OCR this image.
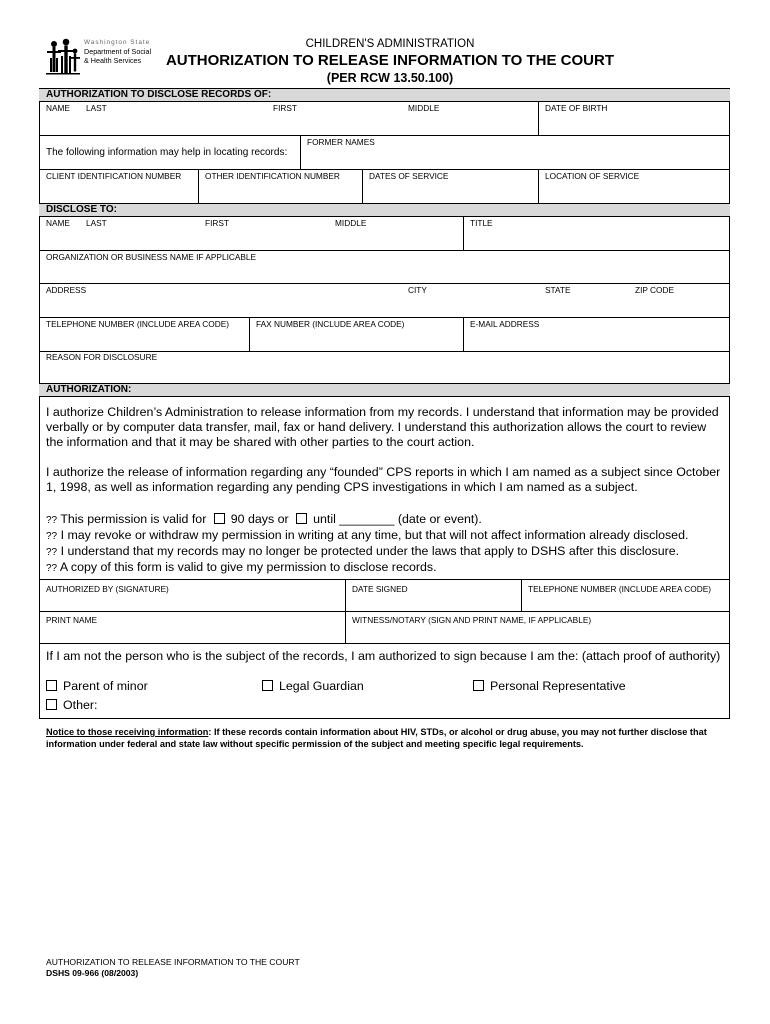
Washington State
Department of Social
& Health Services
CHILDREN'S ADMINISTRATION
AUTHORIZATION TO RELEASE INFORMATION TO THE COURT
(PER RCW 13.50.100)
AUTHORIZATION TO DISCLOSE RECORDS OF:
NAME LAST	FIRST	MIDDLE	DATE OF BIRTH
The following information may help in locating records:
FORMER NAMES
CLIENT IDENTIFICATION NUMBER	OTHER IDENTIFICATION NUMBER	DATES OF SERVICE	LOCATION OF SERVICE
DISCLOSE TO:
NAME LAST	FIRST	MIDDLE	TITLE
ORGANIZATION OR BUSINESS NAME IF APPLICABLE
ADDRESS	CITY	STATE	ZIP CODE
TELEPHONE NUMBER (INCLUDE AREA CODE)	FAX NUMBER (INCLUDE AREA CODE)	E-MAIL ADDRESS
REASON FOR DISCLOSURE
AUTHORIZATION:
I authorize Children’s Administration to release information from my records. I understand that information may be provided verbally or by computer data transfer, mail, fax or hand delivery. I understand this authorization allows the court to review the information and that it may be shared with other parties to the court action.
I authorize the release of information regarding any “founded” CPS reports in which I am named as a subject since October 1, 1998, as well as information regarding any pending CPS investigations in which I am named as a subject.
?? This permission is valid for 90 days or until ________ (date or event).
?? I may revoke or withdraw my permission in writing at any time, but that will not affect information already disclosed.
?? I understand that my records may no longer be protected under the laws that apply to DSHS after this disclosure.
?? A copy of this form is valid to give my permission to disclose records.
AUTHORIZED BY (SIGNATURE)	DATE SIGNED	TELEPHONE NUMBER (INCLUDE AREA CODE)
PRINT NAME	WITNESS/NOTARY (SIGN AND PRINT NAME, IF APPLICABLE)
If I am not the person who is the subject of the records, I am authorized to sign because I am the: (attach proof of authority)
Parent of minor	Legal Guardian	Personal Representative
Other:
Notice to those receiving information: If these records contain information about HIV, STDs, or alcohol or drug abuse, you may not further disclose that information under federal and state law without specific permission of the subject and meeting specific legal requirements.
AUTHORIZATION TO RELEASE INFORMATION TO THE COURT
DSHS 09-966 (08/2003)
